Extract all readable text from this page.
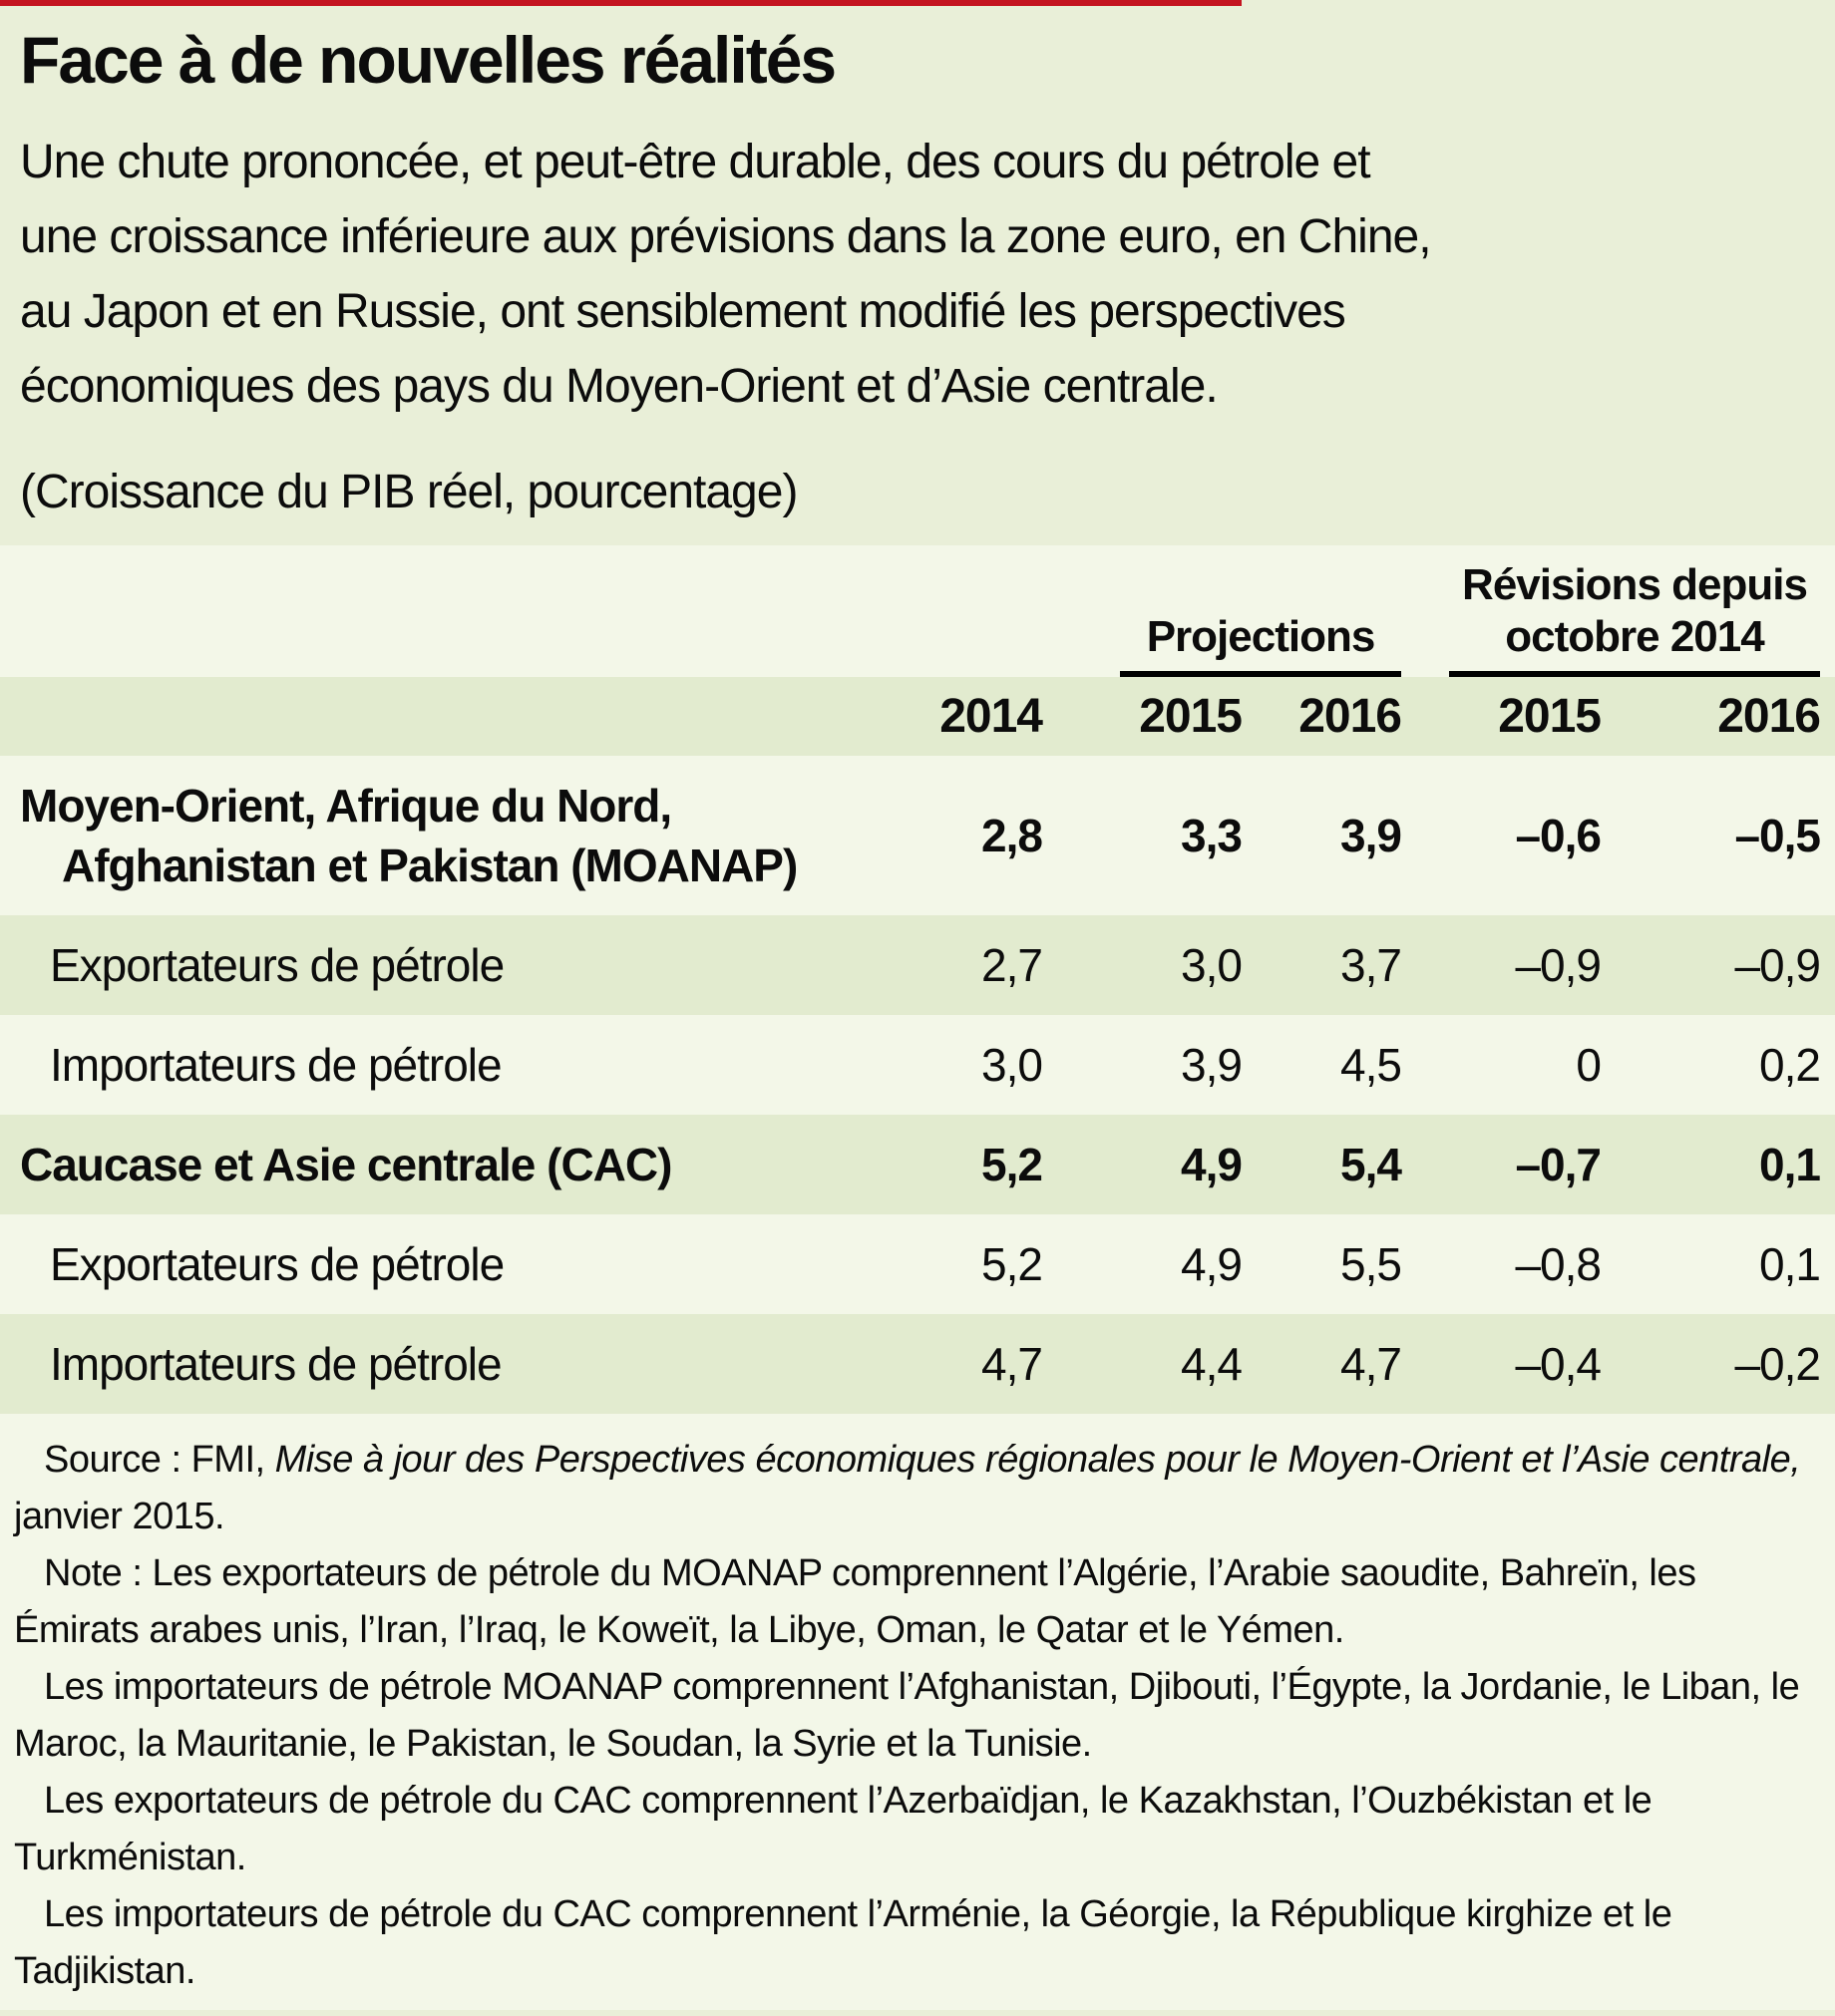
Face à de nouvelles réalités
Une chute prononcée, et peut-être durable, des cours du pétrole et
une croissance inférieure aux prévisions dans la zone euro, en Chine,
au Japon et en Russie, ont sensiblement modifié les perspectives
économiques des pays du Moyen-Orient et d’Asie centrale.
(Croissance du PIB réel, pourcentage)
Projections
Révisions depuis octobre 2014
2014	2015	2016	2015	2016
Moyen-Orient, Afrique du Nord,
Afghanistan et Pakistan (MOANAP)
2,8	3,3	3,9	–0,6	–0,5
Exportateurs de pétrole	2,7	3,0	3,7	–0,9	–0,9
Importateurs de pétrole	3,0	3,9	4,5	0	0,2
Caucase et Asie centrale (CAC)	5,2	4,9	5,4	–0,7	0,1
Exportateurs de pétrole	5,2	4,9	5,5	–0,8	0,1
Importateurs de pétrole	4,7	4,4	4,7	–0,4	–0,2

Source : FMI, Mise à jour des Perspectives économiques régionales pour le Moyen-Orient et l’Asie centrale, janvier 2015.

Note : Les exportateurs de pétrole du MOANAP comprennent l’Algérie, l’Arabie saoudite, Bahreïn, les Émirats arabes unis, l’Iran, l’Iraq, le Koweït, la Libye, Oman, le Qatar et le Yémen.

Les importateurs de pétrole MOANAP comprennent l’Afghanistan, Djibouti, l’Égypte, la Jordanie, le Liban, le Maroc, la Mauritanie, le Pakistan, le Soudan, la Syrie et la Tunisie.

Les exportateurs de pétrole du CAC comprennent l’Azerbaïdjan, le Kazakhstan, l’Ouzbékistan et le Turkménistan.

Les importateurs de pétrole du CAC comprennent l’Arménie, la Géorgie, la République kirghize et le Tadjikistan.
